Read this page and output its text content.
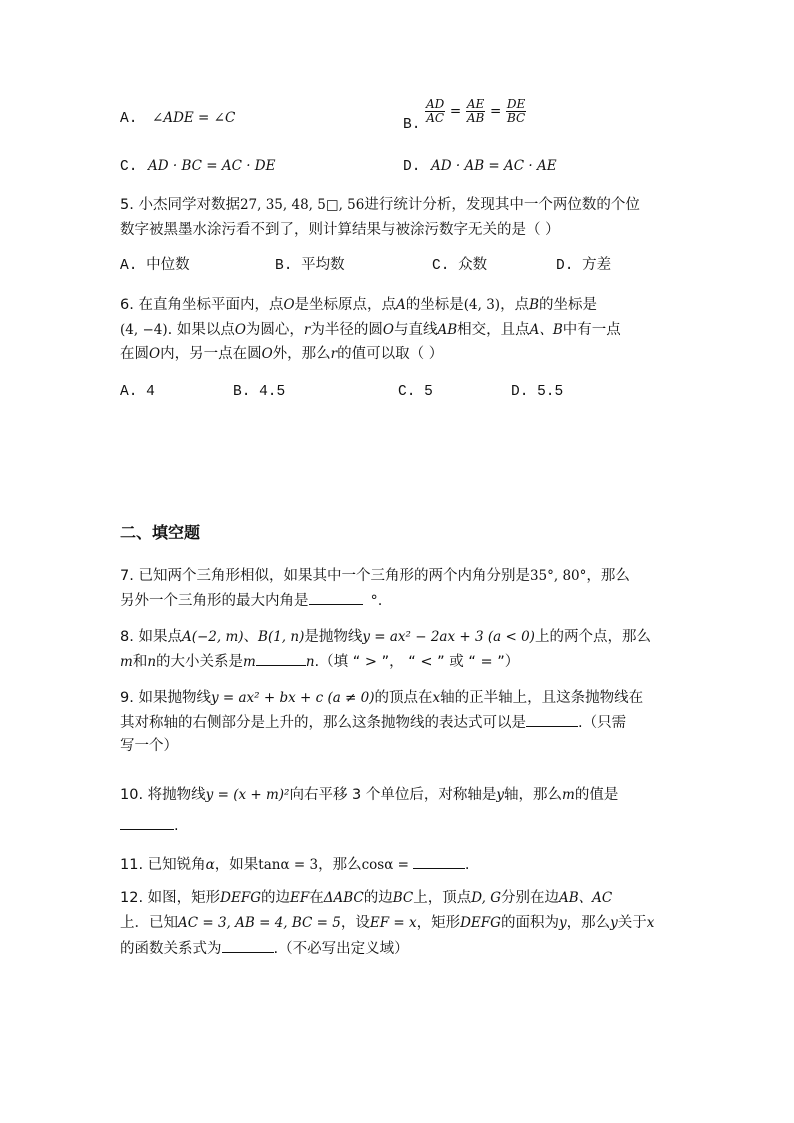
A. ∠ADE = ∠C	B. $\frac{AD}{AC} = \frac{AE}{AB} = \frac{DE}{BC}$
C. AD · BC = AC · DE	D. AD · AB = AC · AE
5. 小杰同学对数据27, 35, 48, 5□, 56进行统计分析，发现其中一个两位数的个位
数字被黑墨水涂污看不到了，则计算结果与被涂污数字无关的是（ ）
A. 中位数	B. 平均数	C. 众数	D. 方差
6. 在直角坐标平面内，点O是坐标原点，点A的坐标是(4, 3)，点B的坐标是
(4, −4). 如果以点O为圆心，r为半径的圆O与直线AB相交，且点A、B中有一点
在圆O内，另一点在圆O外，那么r的值可以取（ ）
A. 4	B. 4.5	C. 5	D. 5.5
二、填空题
7. 已知两个三角形相似，如果其中一个三角形的两个内角分别是35°, 80°，那么
另外一个三角形的最大内角是	°.
8. 如果点A(−2, m)、B(1, n)是抛物线y = ax² − 2ax + 3 (a < 0)上的两个点，那么
m和n的大小关系是m	n.（填 “ > ”， “ < ” 或 “ = ”）
9. 如果抛物线y = ax² + bx + c (a ≠ 0)的顶点在x轴的正半轴上，且这条抛物线在
其对称轴的右侧部分是上升的，那么这条抛物线的表达式可以是	.（只需
写一个）
10. 将抛物线y = (x + m)²向右平移 3 个单位后，对称轴是y轴，那么m的值是
.
11. 已知锐角α，如果tanα = 3，那么cosα =	.
12. 如图，矩形DEFG的边EF在ΔABC的边BC上，顶点D, G分别在边AB、AC
上．已知AC = 3, AB = 4, BC = 5，设EF = x，矩形DEFG的面积为y，那么y关于x
的函数关系式为	.（不必写出定义域）
